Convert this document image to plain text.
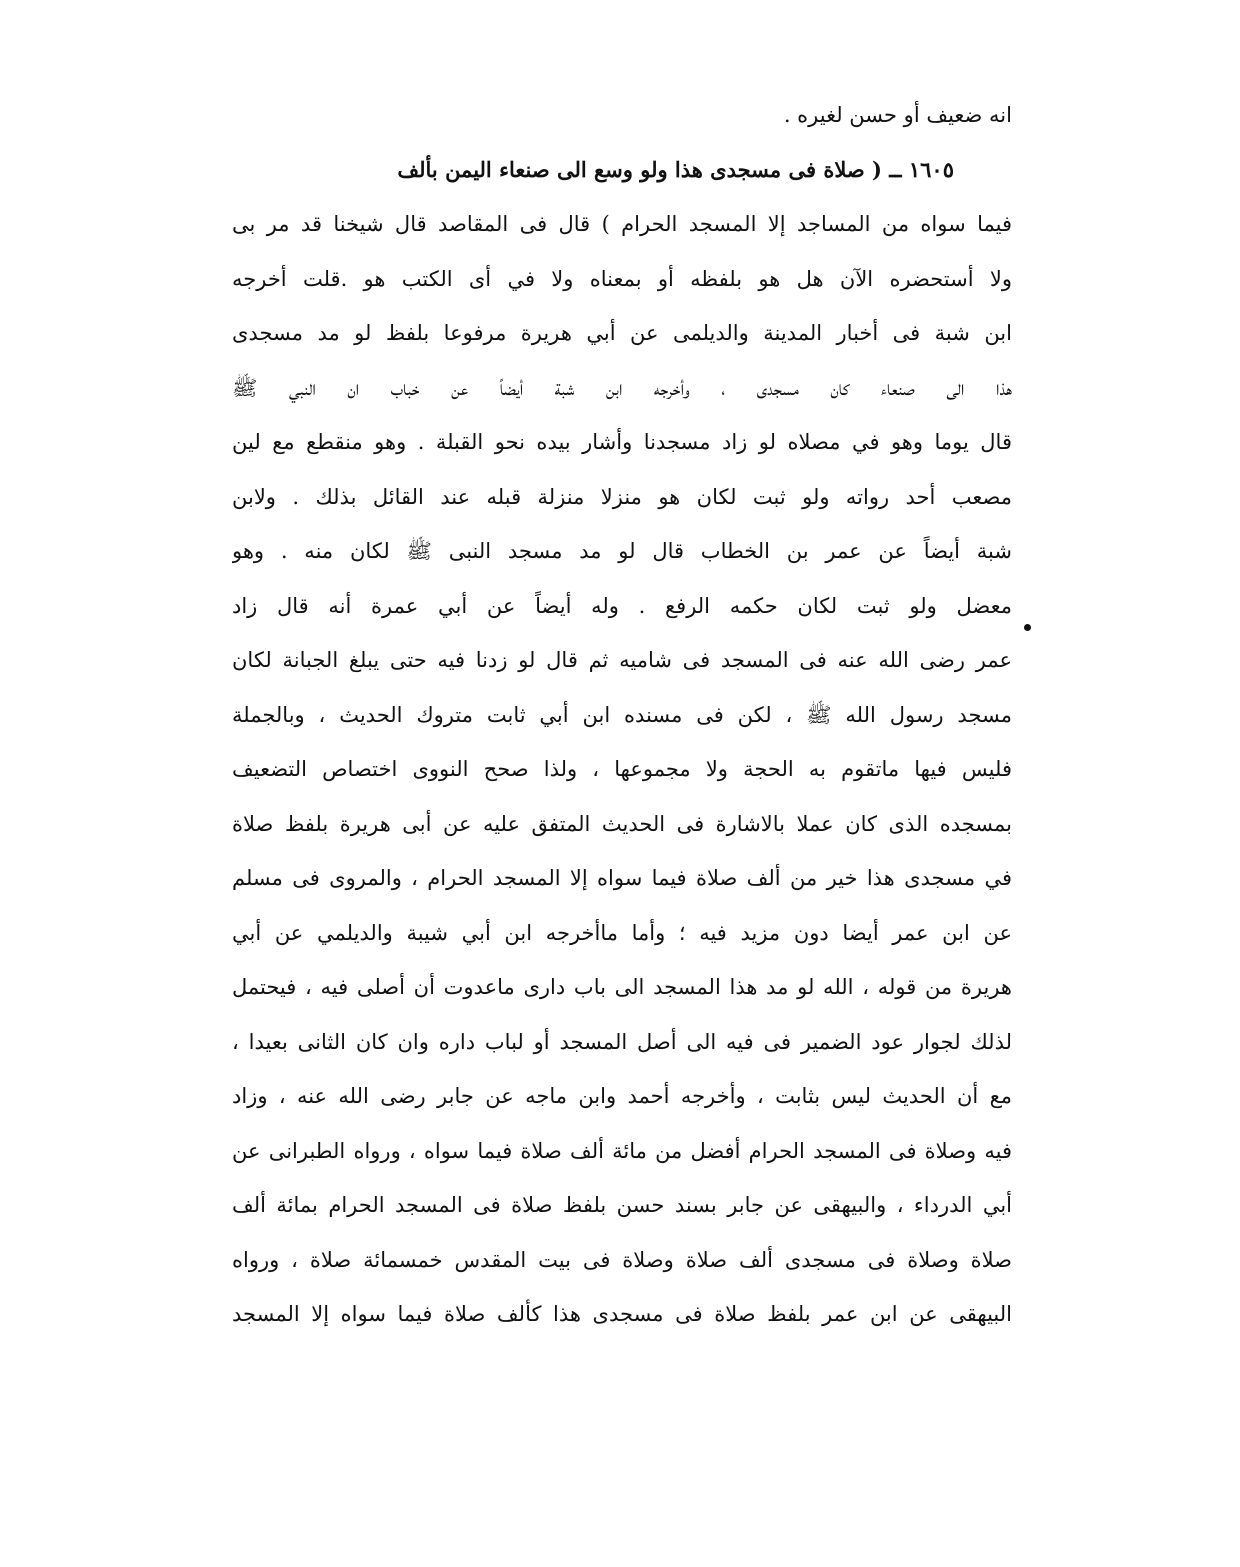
انه ضعيف أو حسن لغيره .
١٦٠٥ ــ ( صلاة فى مسجدى هذا ولو وسع الى صنعاء اليمن بألف
فيما سواه من المساجد إلا المسجد الحرام ) قال فى المقاصد قال شيخنا قد مر بى
ولا أستحضره الآن هل هو بلفظه أو بمعناه ولا في أى الكتب هو .قلت أخرجه
ابن شبة فى أخبار المدينة والديلمى عن أبي هريرة مرفوعا بلفظ لو مد مسجدى
هذا الى صنعاء كان مسجدى ، وأخرجه ابن شبة أيضاً عن خباب ان النبي ﷺ
قال يوما وهو في مصلاه لو زاد مسجدنا وأشار بيده نحو القبلة . وهو منقطع مع لين
مصعب أحد رواته ولو ثبت لكان هو منزلا منزلة قبله عند القائل بذلك . ولابن
شبة أيضاً عن عمر بن الخطاب قال لو مد مسجد النبى ﷺ لكان منه . وهو
معضل ولو ثبت لكان حكمه الرفع . وله أيضاً عن أبي عمرة أنه قال زاد
عمر رضى الله عنه فى المسجد فى شاميه ثم قال لو زدنا فيه حتى يبلغ الجبانة لكان
مسجد رسول الله ﷺ ، لكن فى مسنده ابن أبي ثابت متروك الحديث ، وبالجملة
فليس فيها ماتقوم به الحجة ولا مجموعها ، ولذا صحح النووى اختصاص التضعيف
بمسجده الذى كان عملا بالاشارة فى الحديث المتفق عليه عن أبى هريرة بلفظ صلاة
في مسجدى هذا خير من ألف صلاة فيما سواه إلا المسجد الحرام ، والمروى فى مسلم
عن ابن عمر أيضا دون مزيد فيه ؛ وأما ماأخرجه ابن أبي شيبة والديلمي عن أبي
هريرة من قوله ، الله لو مد هذا المسجد الى باب دارى ماعدوت أن أصلى فيه ، فيحتمل
لذلك لجوار عود الضمير فى فيه الى أصل المسجد أو لباب داره وان كان الثانى بعيدا ،
مع أن الحديث ليس بثابت ، وأخرجه أحمد وابن ماجه عن جابر رضى الله عنه ، وزاد
فيه وصلاة فى المسجد الحرام أفضل من مائة ألف صلاة فيما سواه ، ورواه الطبرانى عن
أبي الدرداء ، والبيهقى عن جابر بسند حسن بلفظ صلاة فى المسجد الحرام بمائة ألف
صلاة وصلاة فى مسجدى ألف صلاة وصلاة فى بيت المقدس خمسمائة صلاة ، ورواه
البيهقى عن ابن عمر بلفظ صلاة فى مسجدى هذا كألف صلاة فيما سواه إلا المسجد
